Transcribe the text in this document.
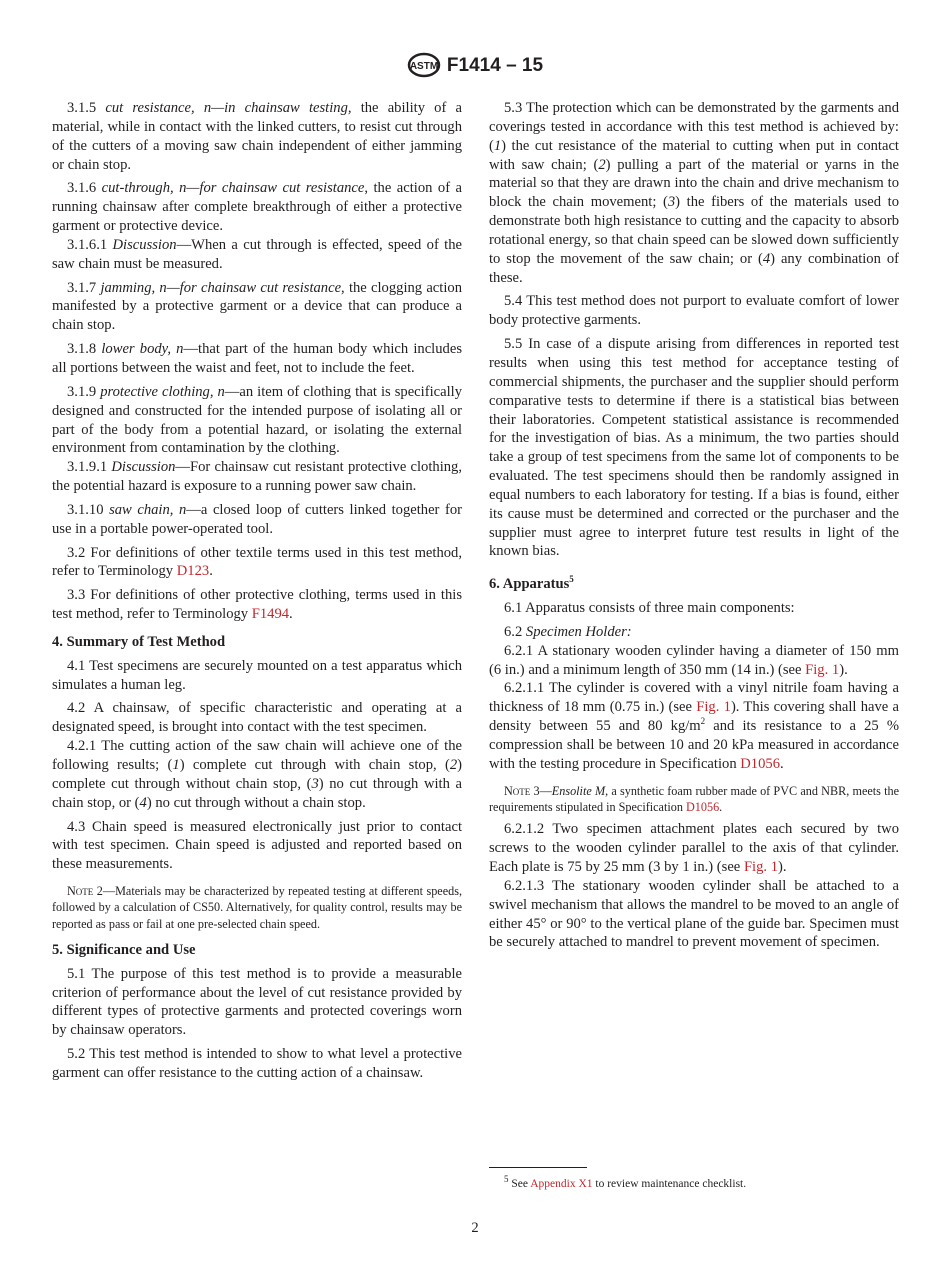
ASTM F1414 – 15
3.1.5 cut resistance, n—in chainsaw testing, the ability of a material, while in contact with the linked cutters, to resist cut through of the cutters of a moving saw chain independent of either jamming or chain stop.
3.1.6 cut-through, n—for chainsaw cut resistance, the action of a running chainsaw after complete breakthrough of either a protective garment or protective device.
3.1.6.1 Discussion—When a cut through is effected, speed of the saw chain must be measured.
3.1.7 jamming, n—for chainsaw cut resistance, the clogging action manifested by a protective garment or a device that can produce a chain stop.
3.1.8 lower body, n—that part of the human body which includes all portions between the waist and feet, not to include the feet.
3.1.9 protective clothing, n—an item of clothing that is specifically designed and constructed for the intended purpose of isolating all or part of the body from a potential hazard, or isolating the external environment from contamination by the clothing.
3.1.9.1 Discussion—For chainsaw cut resistant protective clothing, the potential hazard is exposure to a running power saw chain.
3.1.10 saw chain, n—a closed loop of cutters linked together for use in a portable power-operated tool.
3.2 For definitions of other textile terms used in this test method, refer to Terminology D123.
3.3 For definitions of other protective clothing, terms used in this test method, refer to Terminology F1494.
4. Summary of Test Method
4.1 Test specimens are securely mounted on a test apparatus which simulates a human leg.
4.2 A chainsaw, of specific characteristic and operating at a designated speed, is brought into contact with the test specimen.
4.2.1 The cutting action of the saw chain will achieve one of the following results; (1) complete cut through with chain stop, (2) complete cut through without chain stop, (3) no cut through with a chain stop, or (4) no cut through without a chain stop.
4.3 Chain speed is measured electronically just prior to contact with test specimen. Chain speed is adjusted and reported based on these measurements.
Note 2—Materials may be characterized by repeated testing at different speeds, followed by a calculation of CS50. Alternatively, for quality control, results may be reported as pass or fail at one pre-selected chain speed.
5. Significance and Use
5.1 The purpose of this test method is to provide a measurable criterion of performance about the level of cut resistance provided by different types of protective garments and protected coverings worn by chainsaw operators.
5.2 This test method is intended to show to what level a protective garment can offer resistance to the cutting action of a chainsaw.
5.3 The protection which can be demonstrated by the garments and coverings tested in accordance with this test method is achieved by: (1) the cut resistance of the material to cutting when put in contact with saw chain; (2) pulling a part of the material or yarns in the material so that they are drawn into the chain and drive mechanism to block the chain movement; (3) the fibers of the materials used to demonstrate both high resistance to cutting and the capacity to absorb rotational energy, so that chain speed can be slowed down sufficiently to stop the movement of the saw chain; or (4) any combination of these.
5.4 This test method does not purport to evaluate comfort of lower body protective garments.
5.5 In case of a dispute arising from differences in reported test results when using this test method for acceptance testing of commercial shipments, the purchaser and the supplier should perform comparative tests to determine if there is a statistical bias between their laboratories. Competent statistical assistance is recommended for the investigation of bias. As a minimum, the two parties should take a group of test specimens from the same lot of components to be evaluated. The test specimens should then be randomly assigned in equal numbers to each laboratory for testing. If a bias is found, either its cause must be determined and corrected or the purchaser and the supplier must agree to interpret future test results in light of the known bias.
6. Apparatus$^5$
6.1 Apparatus consists of three main components:
6.2 Specimen Holder:
6.2.1 A stationary wooden cylinder having a diameter of 150 mm (6 in.) and a minimum length of 350 mm (14 in.) (see Fig. 1).
6.2.1.1 The cylinder is covered with a vinyl nitrile foam having a thickness of 18 mm (0.75 in.) (see Fig. 1). This covering shall have a density between 55 and 80 $kg/m^2$ and its resistance to a 25 % compression shall be between 10 and 20 kPa measured in accordance with the testing procedure in Specification D1056.
Note 3—Ensolite M, a synthetic foam rubber made of PVC and NBR, meets the requirements stipulated in Specification D1056.
6.2.1.2 Two specimen attachment plates each secured by two screws to the wooden cylinder parallel to the axis of that cylinder. Each plate is 75 by 25 mm (3 by 1 in.) (see Fig. 1).
6.2.1.3 The stationary wooden cylinder shall be attached to a swivel mechanism that allows the mandrel to be moved to an angle of either 45° or 90° to the vertical plane of the guide bar. Specimen must be securely attached to mandrel to prevent movement of specimen.
$^5$ See Appendix X1 to review maintenance checklist.
2
